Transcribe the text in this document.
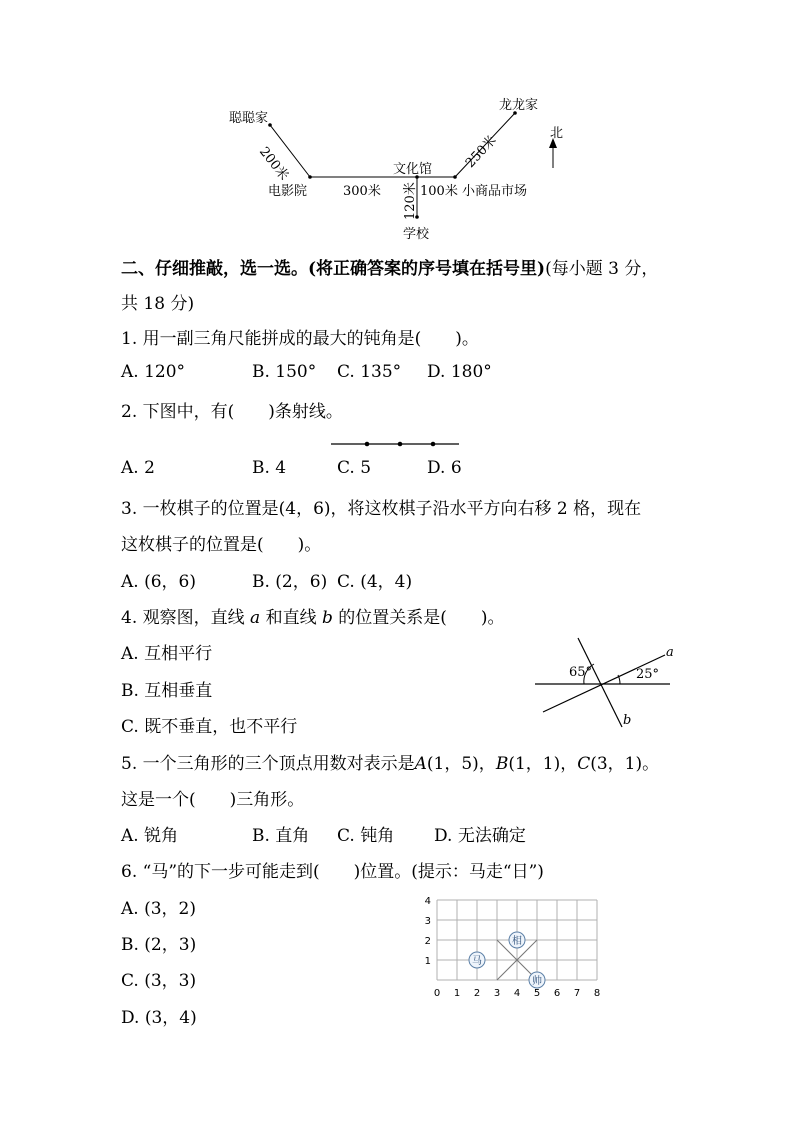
聪聪家
龙龙家
电影院
文化馆
小商品市场
学校
北
200米
300米	100米
120米
250米
二、仔细推敲，选一选。(将正确答案的序号填在括号里)(每小题 3 分，
共 18 分)
1. 用一副三角尺能拼成的最大的钝角是(　　)。
A. 120°	B. 150° C. 135° D. 180°
2. 下图中，有(　　)条射线。
A. 2	B. 4	C. 5	D. 6
3. 一枚棋子的位置是(4，6)，将这枚棋子沿水平方向右移 2 格，现在
这枚棋子的位置是(　　)。
A. (6，6)	B. (2，6) C. (4，4)
4. 观察图，直线 a 和直线 b 的位置关系是(　　)。
A. 互相平行
B. 互相垂直
C. 既不垂直，也不平行
65°	25°
a
b
5. 一个三角形的三个顶点用数对表示是A(1，5)，B(1，1)，C(3，1)。
这是一个(　　)三角形。
A. 锐角	B. 直角 C. 钝角 D. 无法确定
6. “马”的下一步可能走到(　　)位置。(提示：马走“日”)
A. (3，2)
B. (2，3)
C. (3，3)
D. (3，4)
0 1 2 3 4 5 6 7 8
1
2
3
4
马
相
帅
